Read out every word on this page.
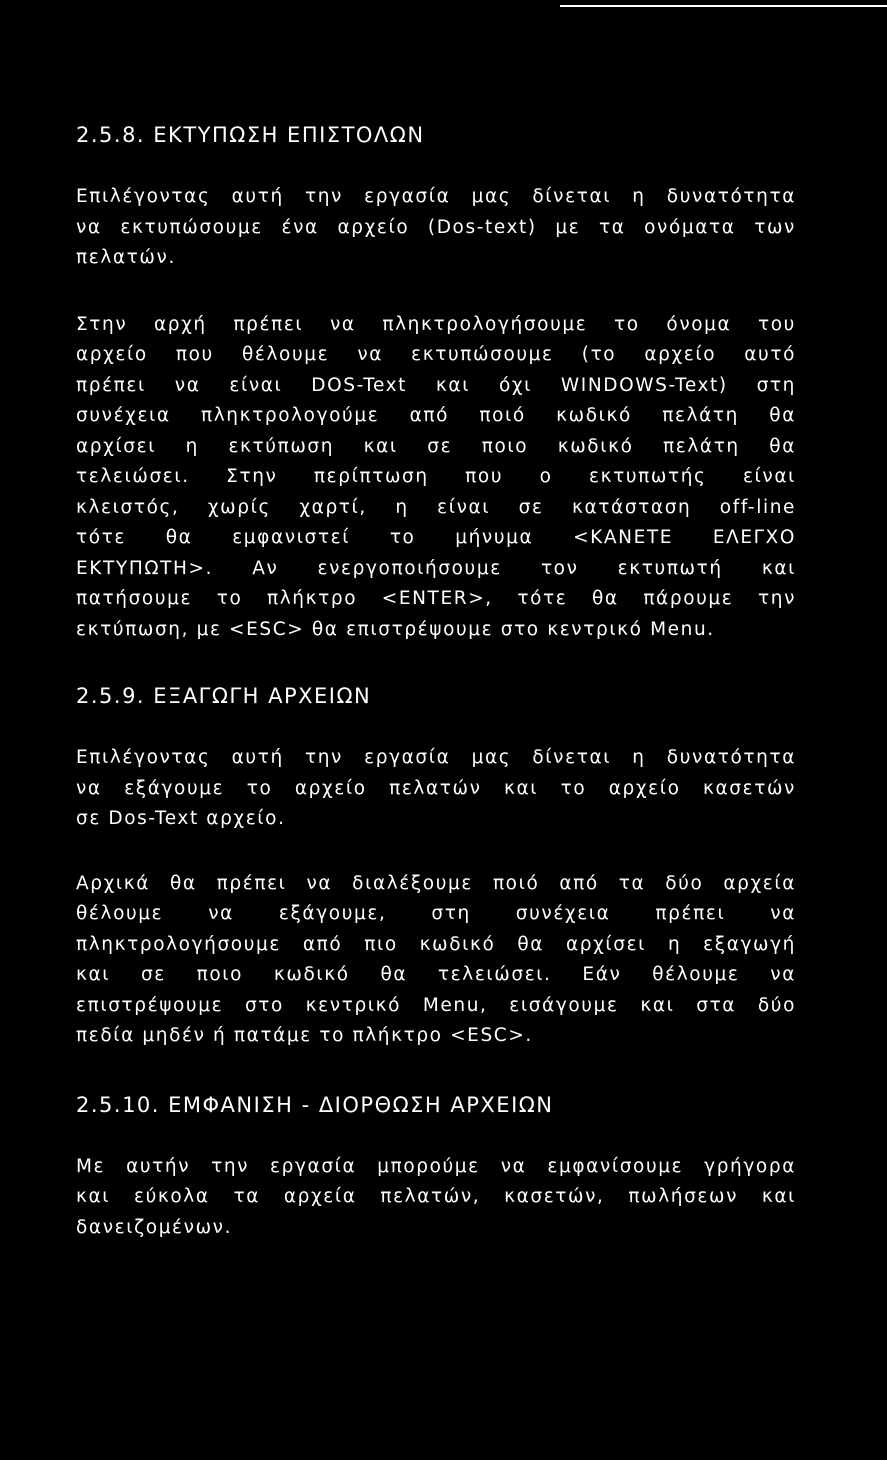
2.5.8. ΕΚΤΥΠΩΣΗ ΕΠΙΣΤΟΛΩΝ
Επιλέγοντας αυτή την εργασία μας δίνεται η δυνατότητα
να εκτυπώσουμε ένα αρχείο (Dos-text) με τα ονόματα των
πελατών.
Στην αρχή πρέπει να πληκτρολογήσουμε το όνομα του
αρχείο που θέλουμε να εκτυπώσουμε (το αρχείο αυτό
πρέπει να είναι DOS-Text και όχι WINDOWS-Text) στη
συνέχεια πληκτρολογούμε από ποιό κωδικό πελάτη θα
αρχίσει η εκτύπωση και σε ποιο κωδικό πελάτη θα
τελειώσει. Στην περίπτωση που ο εκτυπωτής είναι
κλειστός, χωρίς χαρτί, η είναι σε κατάσταση off-line
τότε θα εμφανιστεί το μήνυμα <ΚΑΝΕΤΕ ΕΛΕΓΧΟ
ΕΚΤΥΠΩΤΗ>. Αν ενεργοποιήσουμε τον εκτυπωτή και
πατήσουμε το πλήκτρο <ENTER>, τότε θα πάρουμε την
εκτύπωση, με <ESC> θα επιστρέψουμε στο κεντρικό Menu.
2.5.9. ΕΞΑΓΩΓΗ ΑΡΧΕΙΩΝ
Επιλέγοντας αυτή την εργασία μας δίνεται η δυνατότητα
να εξάγουμε το αρχείο πελατών και το αρχείο κασετών
σε Dos-Text αρχείο.
Αρχικά θα πρέπει να διαλέξουμε ποιό από τα δύο αρχεία
θέλουμε να εξάγουμε, στη συνέχεια πρέπει να
πληκτρολογήσουμε από πιο κωδικό θα αρχίσει η εξαγωγή
και σε ποιο κωδικό θα τελειώσει. Εάν θέλουμε να
επιστρέψουμε στο κεντρικό Menu, εισάγουμε και στα δύο
πεδία μηδέν ή πατάμε το πλήκτρο <ESC>.
2.5.10. ΕΜΦΑΝΙΣΗ - ΔΙΟΡΘΩΣΗ ΑΡΧΕΙΩΝ
Με αυτήν την εργασία μπορούμε να εμφανίσουμε γρήγορα
και εύκολα τα αρχεία πελατών, κασετών, πωλήσεων και
δανειζομένων.
